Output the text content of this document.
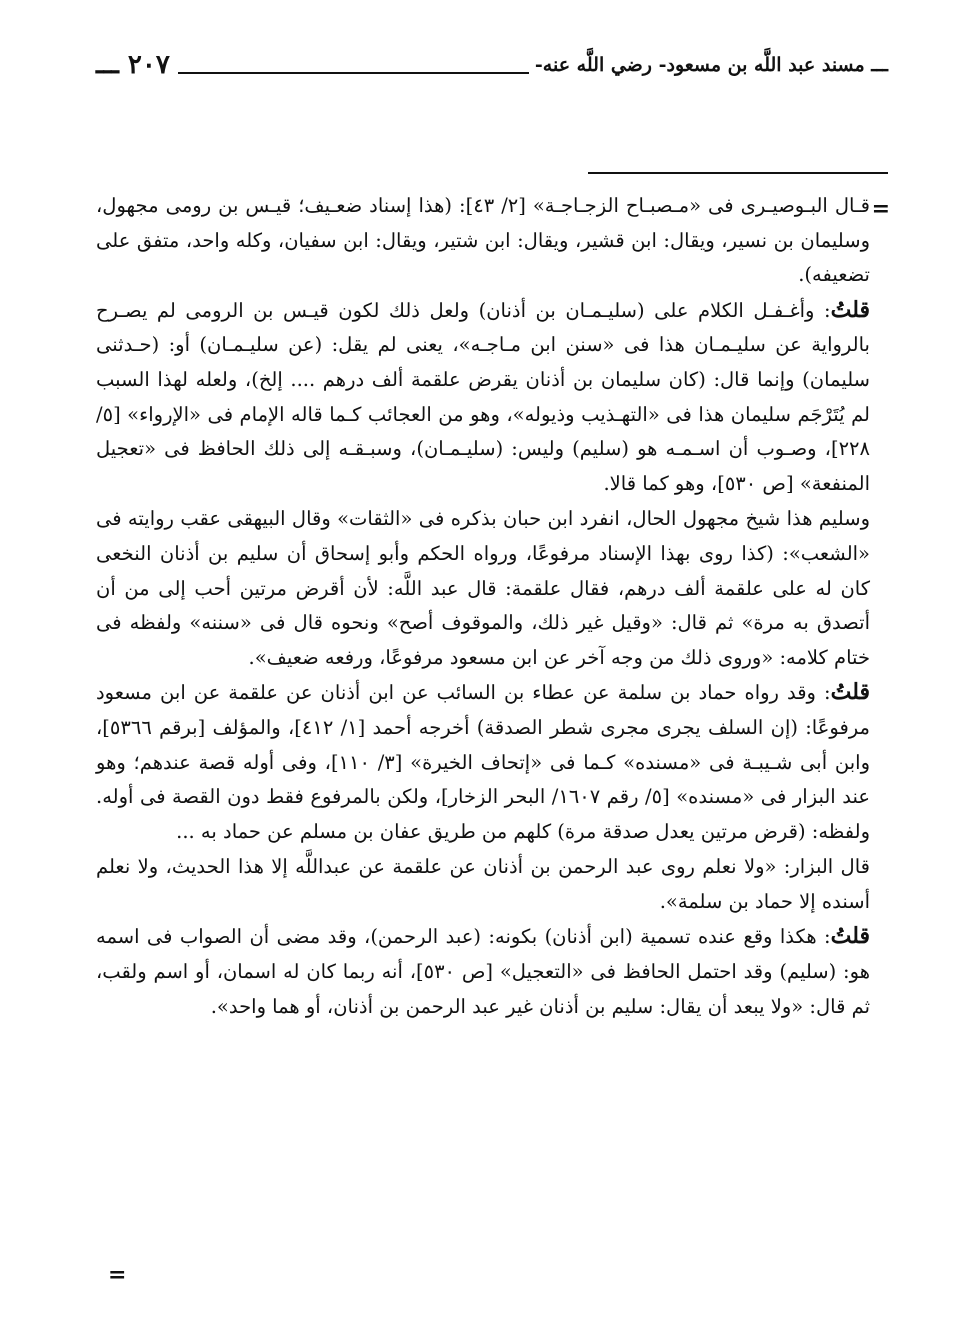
ـــ مسند عبد اللَّه بن مسعود- رضي اللَّه عنه-
٢٠٧ ـــ
=

قـال البـوصيـرى فى «مـصبـاح الزجـاجـة» [٢/ ٤٣]: (هذا إسناد ضعـيف؛ قيـس بن رومى مجهول، وسليمان بن نسير، ويقال: ابن قشير، ويقال: ابن شتير، ويقال: ابن سفيان، وكله واحد، متفق على تضعيفه).

قلتُ: وأغـفـل الكلام على (سليـمـان بن أذنان) ولعل ذلك لكون قيـس بن الرومى لم يصـرح بالرواية عن سليـمـان هذا فى «سنن ابن مـاجـه»، يعنى لم يقل: (عن سليـمـان) أو: (حـدثنى سليمان) وإنما قال: (كان سليمان بن أذنان يقرض علقمة ألف درهم .... إلخ)، ولعله لهذا السبب لم يُتَرْجَم سليمان هذا فى «التهـذيب وذيوله»، وهو من العجائب كـما قاله الإمام فى «الإرواء» [٥/ ٢٢٨]، وصـوب أن اسـمـه هو (سليم) وليس: (سليـمـان)، وسبـقـه إلى ذلك الحافظ فى «تعجيل المنفعة» [ص ٥٣٠]، وهو كما قالا.

وسليم هذا شيخ مجهول الحال، انفرد ابن حبان بذكره فى «الثقات» وقال البيهقى عقب روايته فى «الشعب»: (كذا روى بهذا الإسناد مرفوعًا، ورواه الحكم وأبو إسحاق أن سليم بن أذنان النخعى كان له على علقمة ألف درهم، فقال علقمة: قال عبد اللَّه: لأن أقرض مرتين أحب إلى من أن أتصدق به مرة» ثم قال: «وقيل غير ذلك، والموقوف أصح» ونحوه قال فى «سننه» ولفظه فى ختام كلامه: «وروى ذلك من وجه آخر عن ابن مسعود مرفوعًا، ورفعه ضعيف».

قلتُ: وقد رواه حماد بن سلمة عن عطاء بن السائب عن ابن أذنان عن علقمة عن ابن مسعود مرفوعًا: (إن السلف يجرى مجرى شطر الصدقة) أخرجه أحمد [١/ ٤١٢]، والمؤلف [برقم ٥٣٦٦]، وابن أبى شـيبـة فى «مسنده» كـما فى «إتحاف الخيرة» [٣/ ١١٠]، وفى أوله قصة عندهم؛ وهو عند البزار فى «مسنده» [٥/ رقم ١٦٠٧/ البحر الزخار]، ولكن بالمرفوع فقط دون القصة فى أوله. ولفظه: (قرض مرتين يعدل صدقة مرة) كلهم من طريق عفان بن مسلم عن حماد به ...

قال البزار: «ولا نعلم روى عبد الرحمن بن أذنان عن علقمة عن عبداللَّه إلا هذا الحديث، ولا نعلم أسنده إلا حماد بن سلمة».

قلتُ: هكذا وقع عنده تسمية (ابن أذنان) بكونه: (عبد الرحمن)، وقد مضى أن الصواب فى اسمه هو: (سليم) وقد احتمل الحافظ فى «التعجيل» [ص ٥٣٠]، أنه ربما كان له اسمان، أو اسم ولقب، ثم قال: «ولا يبعد أن يقال: سليم بن أذنان غير عبد الرحمن بن أذنان، أو هما واحد».

=
